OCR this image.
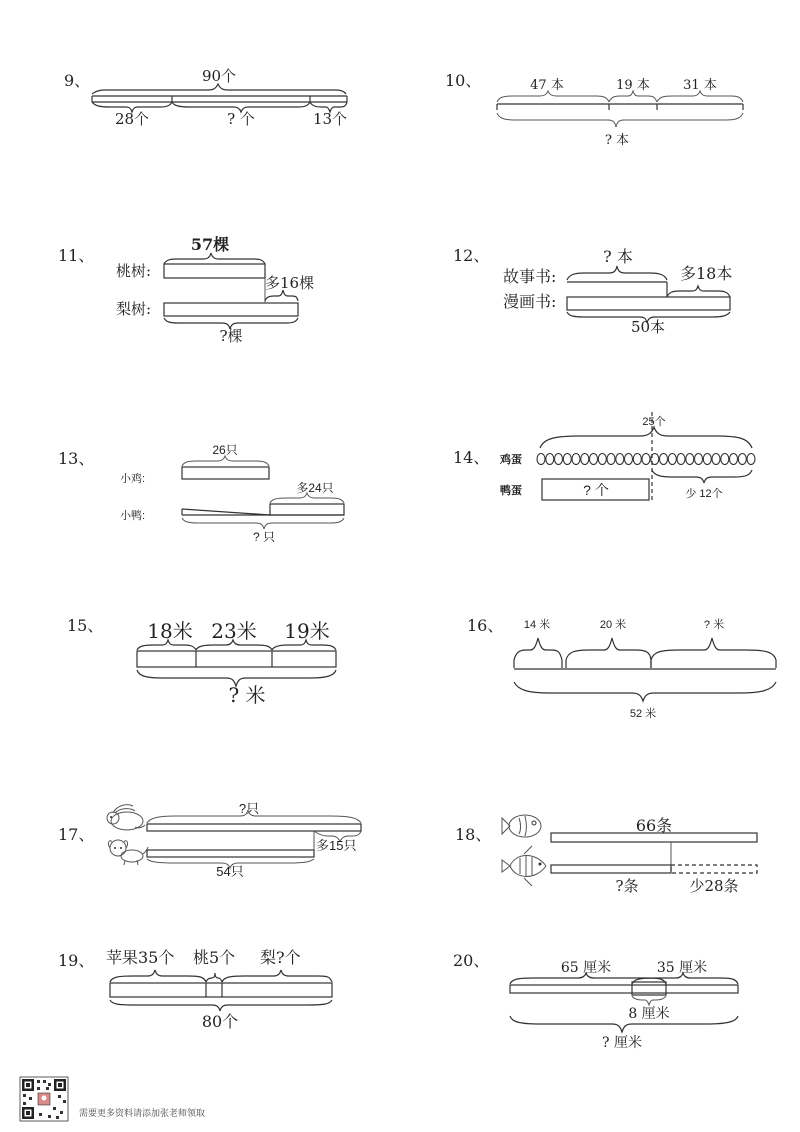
9、	90个
28个	? 个	13个
10、	47 本	19 本	31 本
? 本
11、
57棵
桃树:
梨树:
多16棵
?棵
12、	? 本
故事书:
漫画书:
多18本
50本
13、	26只
小鸡:
小鸭:
多24只
? 只
14、
25个
鸡蛋
鸭蛋	? 个	少 12个
15、 18米 23米 19米
? 米
16、 14 米	20 米	? 米
52 米
17、
?只
多15只
54只
18、	66条
?条	少28条
19、 苹果35个 桃5个 梨?个
80个
20、	65 厘米	35 厘米
8 厘米
? 厘米
需要更多资料请添加张老师领取
